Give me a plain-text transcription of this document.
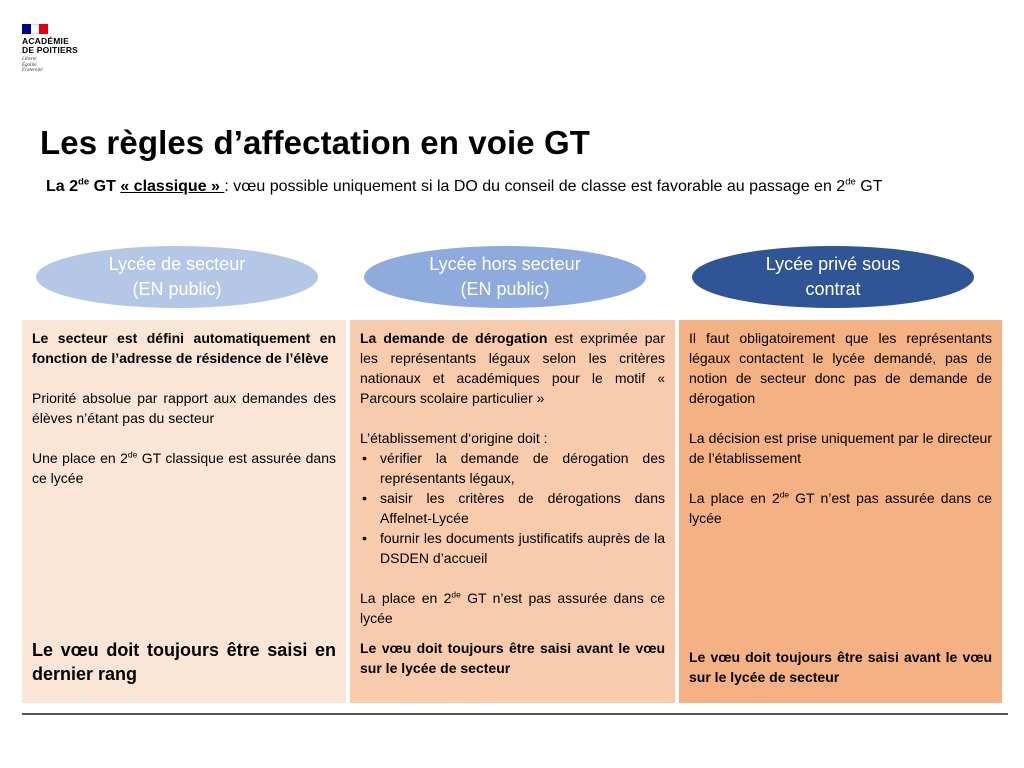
ACADÉMIE
DE POITIERS
Liberté
Égalité
Fraternité
Les règles d’affectation en voie GT

La 2de GT « classique » : vœu possible uniquement si la DO du conseil de classe est favorable au passage en 2de GT

Lycée de secteur
(EN public)
Lycée hors secteur
(EN public)
Lycée privé sous
contrat

Le secteur est défini automatiquement en fonction de l’adresse de résidence de l’élève

Priorité absolue par rapport aux demandes des élèves n’étant pas du secteur

Une place en 2de GT classique est assurée dans ce lycée

Le vœu doit toujours être saisi en dernier rang

La demande de dérogation est exprimée par les représentants légaux selon les critères nationaux et académiques pour le motif « Parcours scolaire particulier »

L’établissement d‘origine doit :

• vérifier la demande de dérogation des représentants légaux,
• saisir les critères de dérogations dans Affelnet-Lycée
• fournir les documents justificatifs auprès de la DSDEN d’accueil

La place en 2de GT n’est pas assurée dans ce lycée

Le vœu doit toujours être saisi avant le vœu sur le lycée de secteur

Il faut obligatoirement que les représentants légaux contactent le lycée demandé, pas de notion de secteur donc pas de demande de dérogation

La décision est prise uniquement par le directeur de l’établissement

La place en 2de GT n’est pas assurée dans ce lycée

Le vœu doit toujours être saisi avant le vœu sur le lycée de secteur
